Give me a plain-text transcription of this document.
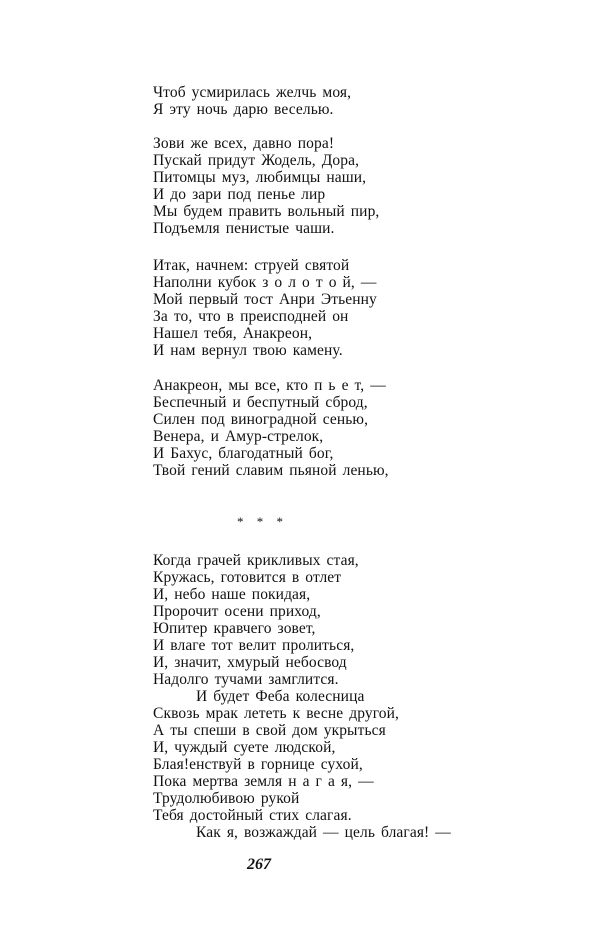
Чтоб усмирилась желчь моя,
Я эту ночь дарю веселью.
Зови же всех, давно пора!
Пускай придут Жодель, Дора,
Питомцы муз, любимцы наши,
И до зари под пенье лир
Мы будем править вольный пир,
Подъемля пенистые чаши.
Итак, начнем: струей святой
Наполни кубок з о л о т о й, —
Мой первый тост Анри Этьенну
За то, что в преисподней он
Нашел тебя, Анакреон,
И нам вернул твою камену.
Анакреон, мы все, кто п ь е т, —
Беспечный и беспутный сброд,
Силен под виноградной сенью,
Венера, и Амур-стрелок,
И Бахус, благодатный бог,
Твой гений славим пьяной ленью,
* * *
Когда грачей крикливых стая,
Кружась, готовится в отлет
И, небо наше покидая,
Пророчит осени приход,
Юпитер кравчего зовет,
И влаге тот велит пролиться,
И, значит, хмурый небосвод
Надолго тучами замглится.
И будет Феба колесница
Сквозь мрак лететь к весне другой,
А ты спеши в свой дом укрыться
И, чуждый суете людской,
Блая!енствуй в горнице сухой,
Пока мертва земля н а г а я, —
Трудолюбивою рукой
Тебя достойный стих слагая.
Как я, возжаждай — цель благая! —
267
